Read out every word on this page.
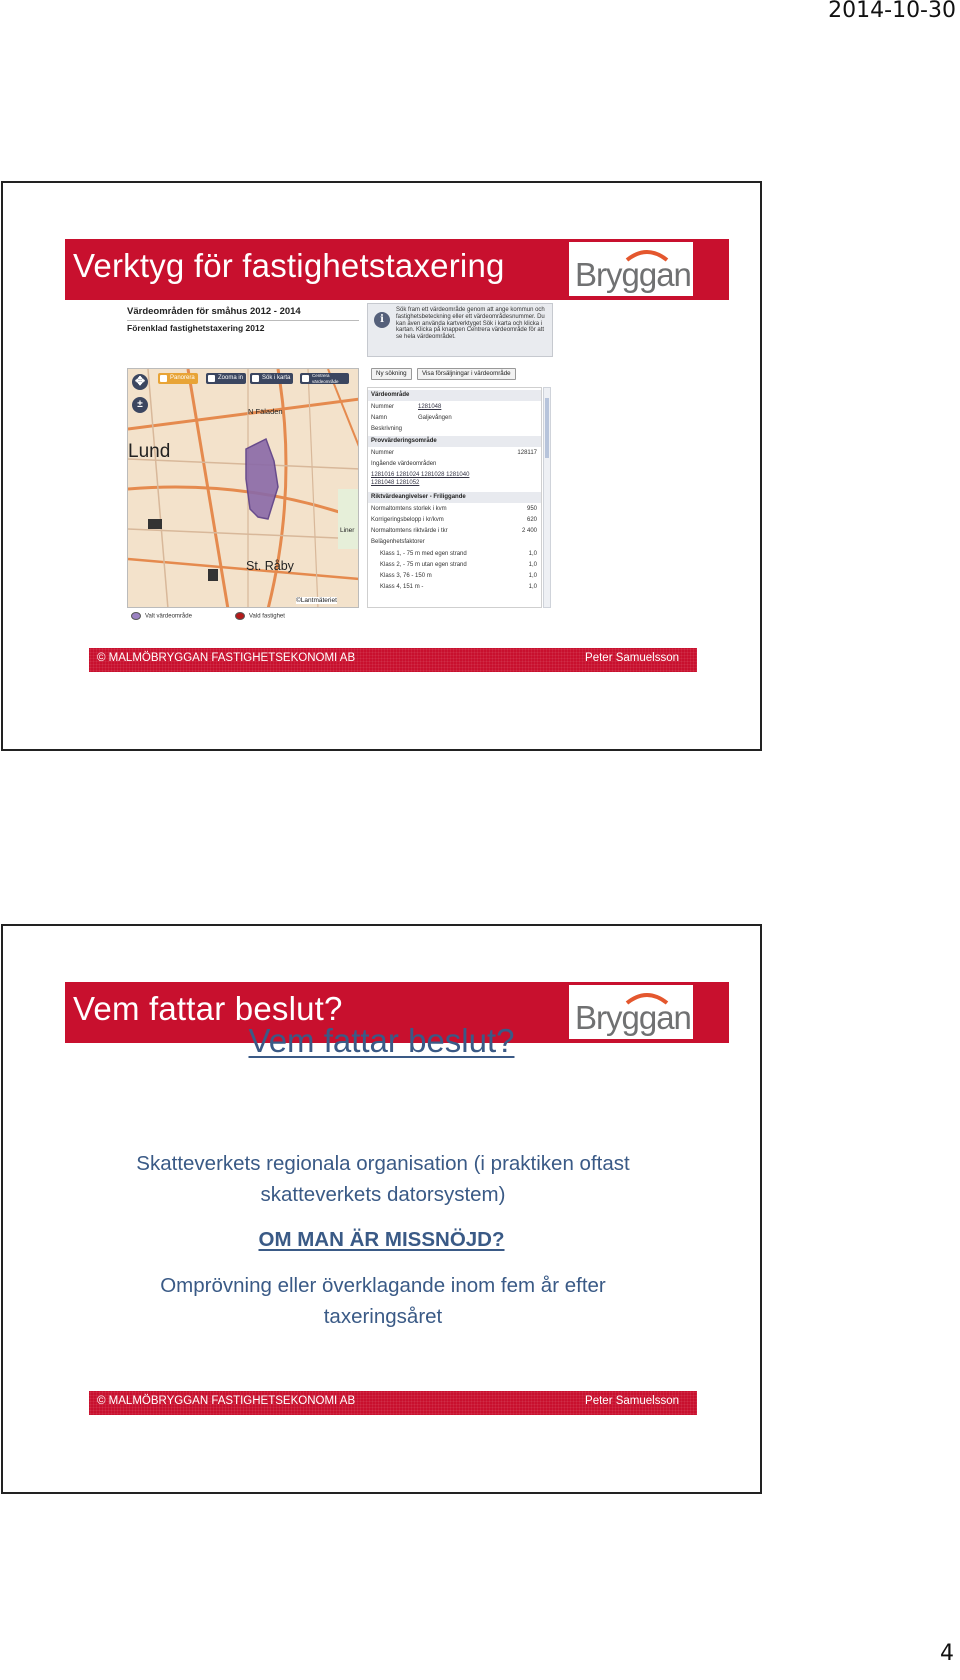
2014-10-30
Verktyg för fastighetstaxering Bryggan
Värdeområden för småhus 2012 - 2014
Förenklad fastighetstaxering 2012
i
Sök fram ett värdeområde genom att ange kommun och fastighetsbeteckning eller ett värdeområdesnummer. Du kan även använda kartverktyget Sök i karta och klicka i kartan. Klicka på knappen Centrera värdeområde för att se hela värdeområdet.
Panorera	Zooma in	Sök i karta	Centrera värdeområde
✥
±
Lund
N Fäladen
St. Råby
Liner
©Lantmäteriet
Valt värdeområde	Vald fastighet
Ny sökning	Visa försäljningar i värdeområde
Värdeområde
Nummer	1281048
Namn	Galjevången
Beskrivning
Provvärderingsområde
Nummer	128117
Ingående värdeområden
1281016 1281024 1281028 1281040
1281048 1281052
Riktvärdeangivelser - Friliggande
Normaltomtens storlek i kvm	950
Korrigeringsbelopp i kr/kvm	620
Normaltomtens riktvärde i tkr	2 400
Belägenhetsfaktorer
Klass 1, - 75 m med egen strand	1,0
Klass 2, - 75 m utan egen strand	1,0
Klass 3, 76 - 150 m	1,0
Klass 4, 151 m -	1,0
© MALMÖBRYGGAN FASTIGHETSEKONOMI AB	Peter Samuelsson
Vem fattar beslut?	Bryggan
Vem fattar beslut?
Skatteverkets regionala organisation (i praktiken oftast
skatteverkets datorsystem)
OM MAN ÄR MISSNÖJD?
Omprövning eller överklagande inom fem år efter
taxeringsåret
© MALMÖBRYGGAN FASTIGHETSEKONOMI AB	Peter Samuelsson
4
